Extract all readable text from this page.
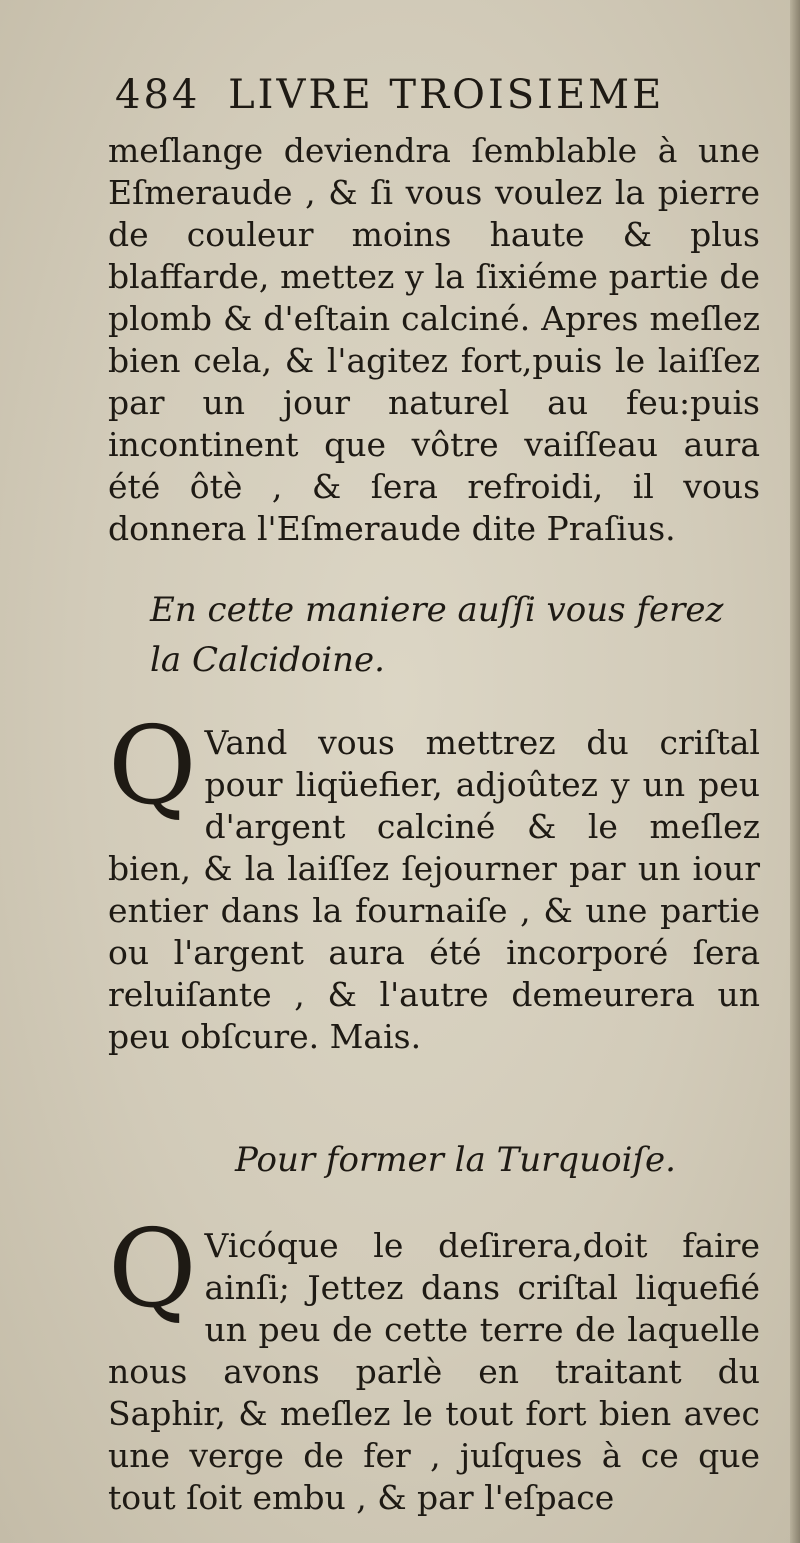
484 LIVRE TROISIEME

meſlange deviendra ſemblable à une Eſmeraude , & ſi vous voulez la pierre de couleur moins haute & plus blaffarde, mettez y la ſixiéme partie de plomb & d'eſtain calciné. Apres meſlez bien cela, & l'agitez fort,puis le laiſſez par un jour naturel au feu:puis incontinent que vôtre vaiſſeau aura été ôtè , & ſera refroidi, il vous donnera l'Eſmeraude dite Praſius.

En cette maniere auſſi vous ferez la Calcidoine.

Q Vand vous mettrez du criſtal pour liqüefier, adjoûtez y un peu d'argent calciné & le meſlez bien, & la laiſſez ſejourner par un iour entier dans la fournaiſe , & une partie ou l'argent aura été incorporé ſera reluiſante , & l'autre demeurera un peu obſcure. Mais.

Pour former la Turquoiſe.

Q Vicóque le deſirera,doit faire ainſi; Jettez dans criſtal liquefié un peu de cette terre de laquelle nous avons parlè en traitant du Saphir, & meſlez le tout fort bien avec une verge de fer , juſques à ce que tout ſoit embu , & par l'eſpace
